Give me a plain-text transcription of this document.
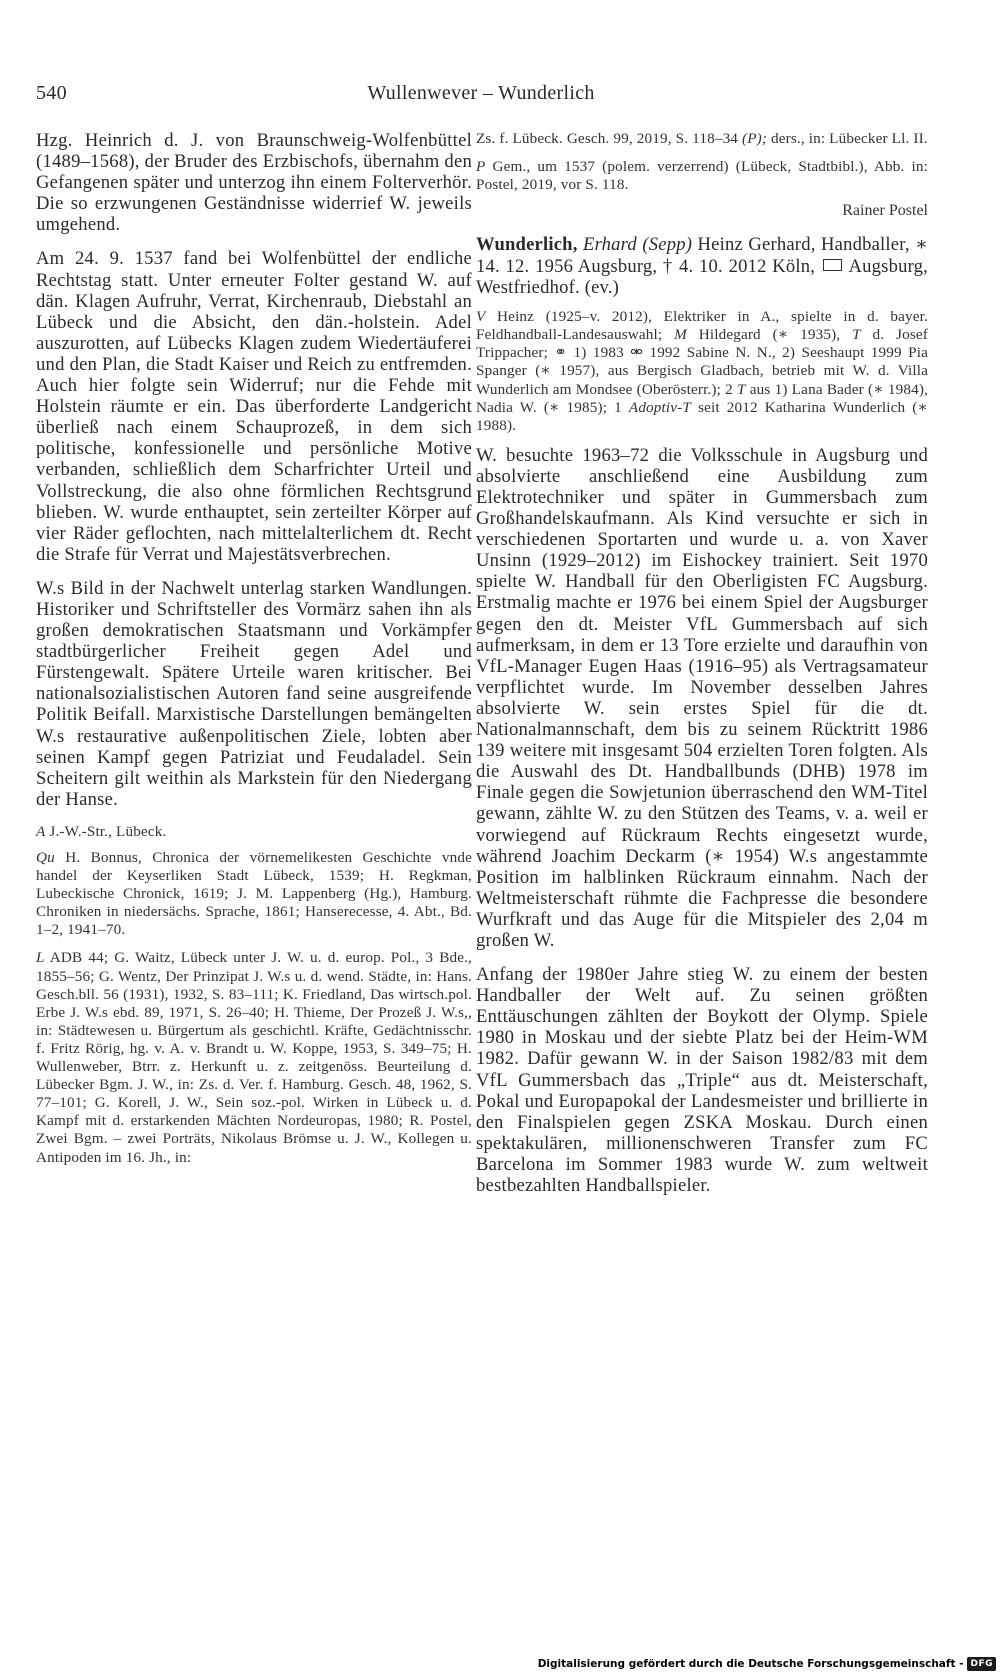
540	Wullenwever – Wunderlich

Hzg. Heinrich d. J. von Braunschweig-Wolfenbüttel (1489–1568), der Bruder des Erzbischofs, übernahm den Gefangenen später und unterzog ihn einem Folterverhör. Die so erzwungenen Geständnisse widerrief W. jeweils umgehend.

Am 24. 9. 1537 fand bei Wolfenbüttel der endliche Rechtstag statt. Unter erneuter Folter gestand W. auf dän. Klagen Aufruhr, Verrat, Kirchenraub, Diebstahl an Lübeck und die Absicht, den dän.-holstein. Adel auszurotten, auf Lübecks Klagen zudem Wiedertäuferei und den Plan, die Stadt Kaiser und Reich zu entfremden. Auch hier folgte sein Widerruf; nur die Fehde mit Holstein räumte er ein. Das überforderte Landgericht überließ nach einem Schauprozeß, in dem sich politische, konfessionelle und persönliche Motive verbanden, schließlich dem Scharfrichter Urteil und Vollstreckung, die also ohne förmlichen Rechtsgrund blieben. W. wurde enthauptet, sein zerteilter Körper auf vier Räder geflochten, nach mittelalterlichem dt. Recht die Strafe für Verrat und Majestätsverbrechen.

W.s Bild in der Nachwelt unterlag starken Wandlungen. Historiker und Schriftsteller des Vormärz sahen ihn als großen demokratischen Staatsmann und Vorkämpfer stadtbürgerlicher Freiheit gegen Adel und Fürstengewalt. Spätere Urteile waren kritischer. Bei nationalsozialistischen Autoren fand seine ausgreifende Politik Beifall. Marxistische Darstellungen bemängelten W.s restaurative außenpolitischen Ziele, lobten aber seinen Kampf gegen Patriziat und Feudaladel. Sein Scheitern gilt weithin als Markstein für den Niedergang der Hanse.

A J.-W.-Str., Lübeck.

Qu H. Bonnus, Chronica der vörnemelikesten Geschichte vnde handel der Keyserliken Stadt Lübeck, 1539; H. Regkman, Lubeckische Chronick, 1619; J. M. Lappenberg (Hg.), Hamburg. Chroniken in niedersächs. Sprache, 1861; Hanserecesse, 4. Abt., Bd. 1–2, 1941–70.

L ADB 44; G. Waitz, Lübeck unter J. W. u. d. europ. Pol., 3 Bde., 1855–56; G. Wentz, Der Prinzipat J. W.s u. d. wend. Städte, in: Hans. Gesch.bll. 56 (1931), 1932, S. 83–111; K. Friedland, Das wirtsch.pol. Erbe J. W.s ebd. 89, 1971, S. 26–40; H. Thieme, Der Prozeß J. W.s,, in: Städtewesen u. Bürgertum als geschichtl. Kräfte, Gedächtnisschr. f. Fritz Rörig, hg. v. A. v. Brandt u. W. Koppe, 1953, S. 349–75; H. Wullenweber, Btrr. z. Herkunft u. z. zeitgenöss. Beurteilung d. Lübecker Bgm. J. W., in: Zs. d. Ver. f. Hamburg. Gesch. 48, 1962, S. 77–101; G. Korell, J. W., Sein soz.-pol. Wirken in Lübeck u. d. Kampf mit d. erstarkenden Mächten Nordeuropas, 1980; R. Postel, Zwei Bgm. – zwei Porträts, Nikolaus Brömse u. J. W., Kollegen u. Antipoden im 16. Jh., in:

Zs. f. Lübeck. Gesch. 99, 2019, S. 118–34 (P); ders., in: Lübecker Ll. II.

P Gem., um 1537 (polem. verzerrend) (Lübeck, Stadtbibl.), Abb. in: Postel, 2019, vor S. 118.

Rainer Postel

Wunderlich, Erhard (Sepp) Heinz Gerhard, Handballer, ∗ 14. 12. 1956 Augsburg, † 4. 10. 2012 Köln,  Augsburg, Westfriedhof. (ev.)

V Heinz (1925–v. 2012), Elektriker in A., spielte in d. bayer. Feldhandball-Landesauswahl; M Hildegard (∗ 1935), T d. Josef Trippacher; ⚭ 1) 1983 ⚮ 1992 Sabine N. N., 2) Seeshaupt 1999 Pia Spanger (∗ 1957), aus Bergisch Gladbach, betrieb mit W. d. Villa Wunderlich am Mondsee (Oberösterr.); 2 T aus 1) Lana Bader (∗ 1984), Nadia W. (∗ 1985); 1 Adoptiv-T seit 2012 Katharina Wunderlich (∗ 1988).

W. besuchte 1963–72 die Volksschule in Augsburg und absolvierte anschließend eine Ausbildung zum Elektrotechniker und später in Gummersbach zum Großhandelskaufmann. Als Kind versuchte er sich in verschiedenen Sportarten und wurde u. a. von Xaver Unsinn (1929–2012) im Eishockey trainiert. Seit 1970 spielte W. Handball für den Oberligisten FC Augsburg. Erstmalig machte er 1976 bei einem Spiel der Augsburger gegen den dt. Meister VfL Gummersbach auf sich aufmerksam, in dem er 13 Tore erzielte und daraufhin von VfL-Manager Eugen Haas (1916–95) als Vertragsamateur verpflichtet wurde. Im November desselben Jahres absolvierte W. sein erstes Spiel für die dt. Nationalmannschaft, dem bis zu seinem Rücktritt 1986 139 weitere mit insgesamt 504 erzielten Toren folgten. Als die Auswahl des Dt. Handballbunds (DHB) 1978 im Finale gegen die Sowjetunion überraschend den WM-Titel gewann, zählte W. zu den Stützen des Teams, v. a. weil er vorwiegend auf Rückraum Rechts eingesetzt wurde, während Joachim Deckarm (∗ 1954) W.s angestammte Position im halblinken Rückraum einnahm. Nach der Weltmeisterschaft rühmte die Fachpresse die besondere Wurfkraft und das Auge für die Mitspieler des 2,04 m großen W.

Anfang der 1980er Jahre stieg W. zu einem der besten Handballer der Welt auf. Zu seinen größten Enttäuschungen zählten der Boykott der Olymp. Spiele 1980 in Moskau und der siebte Platz bei der Heim-WM 1982. Dafür gewann W. in der Saison 1982/83 mit dem VfL Gummersbach das „Triple“ aus dt. Meisterschaft, Pokal und Europapokal der Landesmeister und brillierte in den Finalspielen gegen ZSKA Moskau. Durch einen spektakulären, millionenschweren Transfer zum FC Barcelona im Sommer 1983 wurde W. zum weltweit bestbezahlten Handballspieler.

Digitalisierung gefördert durch die Deutsche Forschungsgemeinschaft - DFG
